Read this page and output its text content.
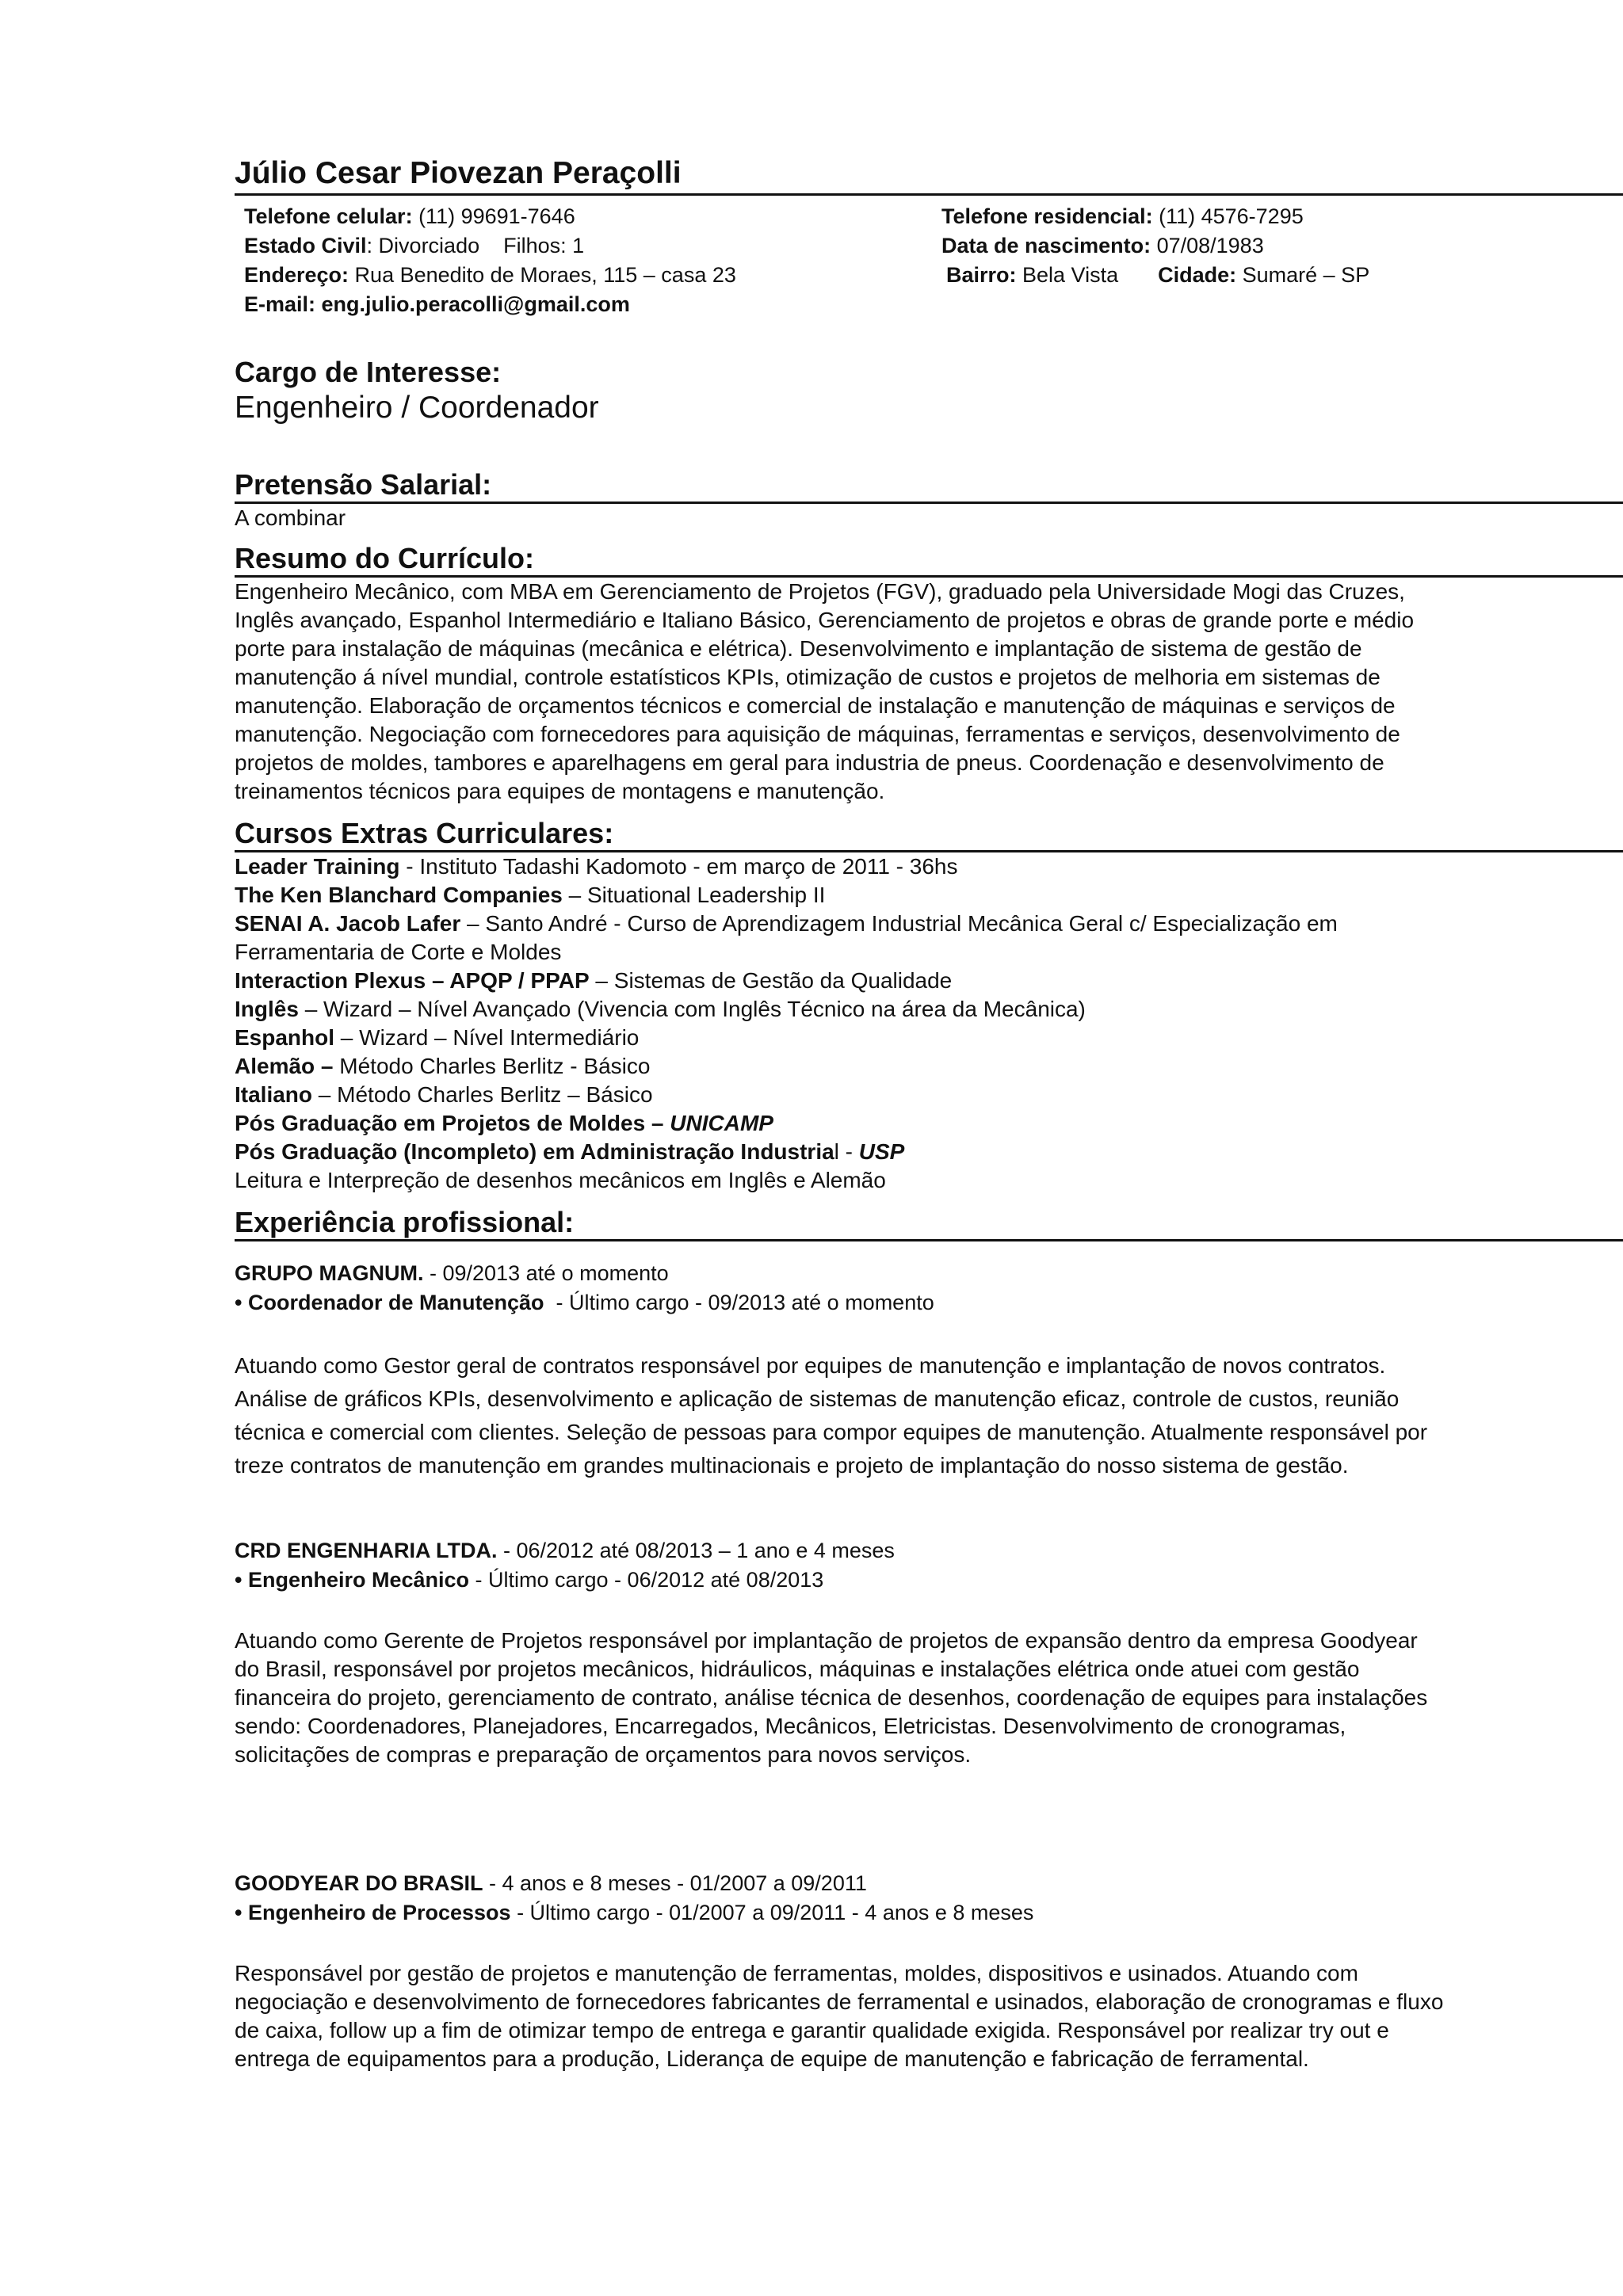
Júlio Cesar Piovezan Peraçolli
Telefone celular: (11) 99691-7646	Telefone residencial: (11) 4576-7295
Estado Civil: Divorciado    Filhos: 1	Data de nascimento: 07/08/1983
Endereço: Rua Benedito de Moraes, 115 – casa 23	Bairro: Bela Vista Cidade: Sumaré – SP
E-mail: eng.julio.peracolli@gmail.com
Cargo de Interesse:
Engenheiro / Coordenador
Pretensão Salarial:
A combinar
Resumo do Currículo:
Engenheiro Mecânico, com MBA em Gerenciamento de Projetos (FGV), graduado pela Universidade Mogi das Cruzes,
Inglês avançado, Espanhol Intermediário e Italiano Básico, Gerenciamento de projetos e obras de grande porte e médio
porte para instalação de máquinas (mecânica e elétrica). Desenvolvimento e implantação de sistema de gestão de
manutenção á nível mundial, controle estatísticos KPIs, otimização de custos e projetos de melhoria em sistemas de
manutenção. Elaboração de orçamentos técnicos e comercial de instalação e manutenção de máquinas e serviços de
manutenção. Negociação com fornecedores para aquisição de máquinas, ferramentas e serviços, desenvolvimento de
projetos de moldes, tambores e aparelhagens em geral para industria de pneus. Coordenação e desenvolvimento de
treinamentos técnicos para equipes de montagens e manutenção.
Cursos Extras Curriculares:
Leader Training - Instituto Tadashi Kadomoto - em março de 2011 - 36hs
The Ken Blanchard Companies – Situational Leadership II
SENAI A. Jacob Lafer – Santo André - Curso de Aprendizagem Industrial Mecânica Geral c/ Especialização em
Ferramentaria de Corte e Moldes
Interaction Plexus – APQP / PPAP – Sistemas de Gestão da Qualidade
Inglês – Wizard – Nível Avançado (Vivencia com Inglês Técnico na área da Mecânica)
Espanhol – Wizard – Nível Intermediário
Alemão – Método Charles Berlitz - Básico
Italiano – Método Charles Berlitz – Básico
Pós Graduação em Projetos de Moldes – UNICAMP
Pós Graduação (Incompleto) em Administração Industrial - USP
Leitura e Interpreção de desenhos mecânicos em Inglês e Alemão
Experiência profissional:
GRUPO MAGNUM. - 09/2013 até o momento
• Coordenador de Manutenção  - Último cargo - 09/2013 até o momento
Atuando como Gestor geral de contratos responsável por equipes de manutenção e implantação de novos contratos.
Análise de gráficos KPIs, desenvolvimento e aplicação de sistemas de manutenção eficaz, controle de custos, reunião
técnica e comercial com clientes. Seleção de pessoas para compor equipes de manutenção. Atualmente responsável por
treze contratos de manutenção em grandes multinacionais e projeto de implantação do nosso sistema de gestão.
CRD ENGENHARIA LTDA. - 06/2012 até 08/2013 – 1 ano e 4 meses
• Engenheiro Mecânico - Último cargo - 06/2012 até 08/2013
Atuando como Gerente de Projetos responsável por implantação de projetos de expansão dentro da empresa Goodyear
do Brasil, responsável por projetos mecânicos, hidráulicos, máquinas e instalações elétrica onde atuei com gestão
financeira do projeto, gerenciamento de contrato, análise técnica de desenhos, coordenação de equipes para instalações
sendo: Coordenadores, Planejadores, Encarregados, Mecânicos, Eletricistas. Desenvolvimento de cronogramas,
solicitações de compras e preparação de orçamentos para novos serviços.
GOODYEAR DO BRASIL - 4 anos e 8 meses - 01/2007 a 09/2011
• Engenheiro de Processos - Último cargo - 01/2007 a 09/2011 - 4 anos e 8 meses
Responsável por gestão de projetos e manutenção de ferramentas, moldes, dispositivos e usinados. Atuando com
negociação e desenvolvimento de fornecedores fabricantes de ferramental e usinados, elaboração de cronogramas e fluxo
de caixa, follow up a fim de otimizar tempo de entrega e garantir qualidade exigida. Responsável por realizar try out e
entrega de equipamentos para a produção, Liderança de equipe de manutenção e fabricação de ferramental.
